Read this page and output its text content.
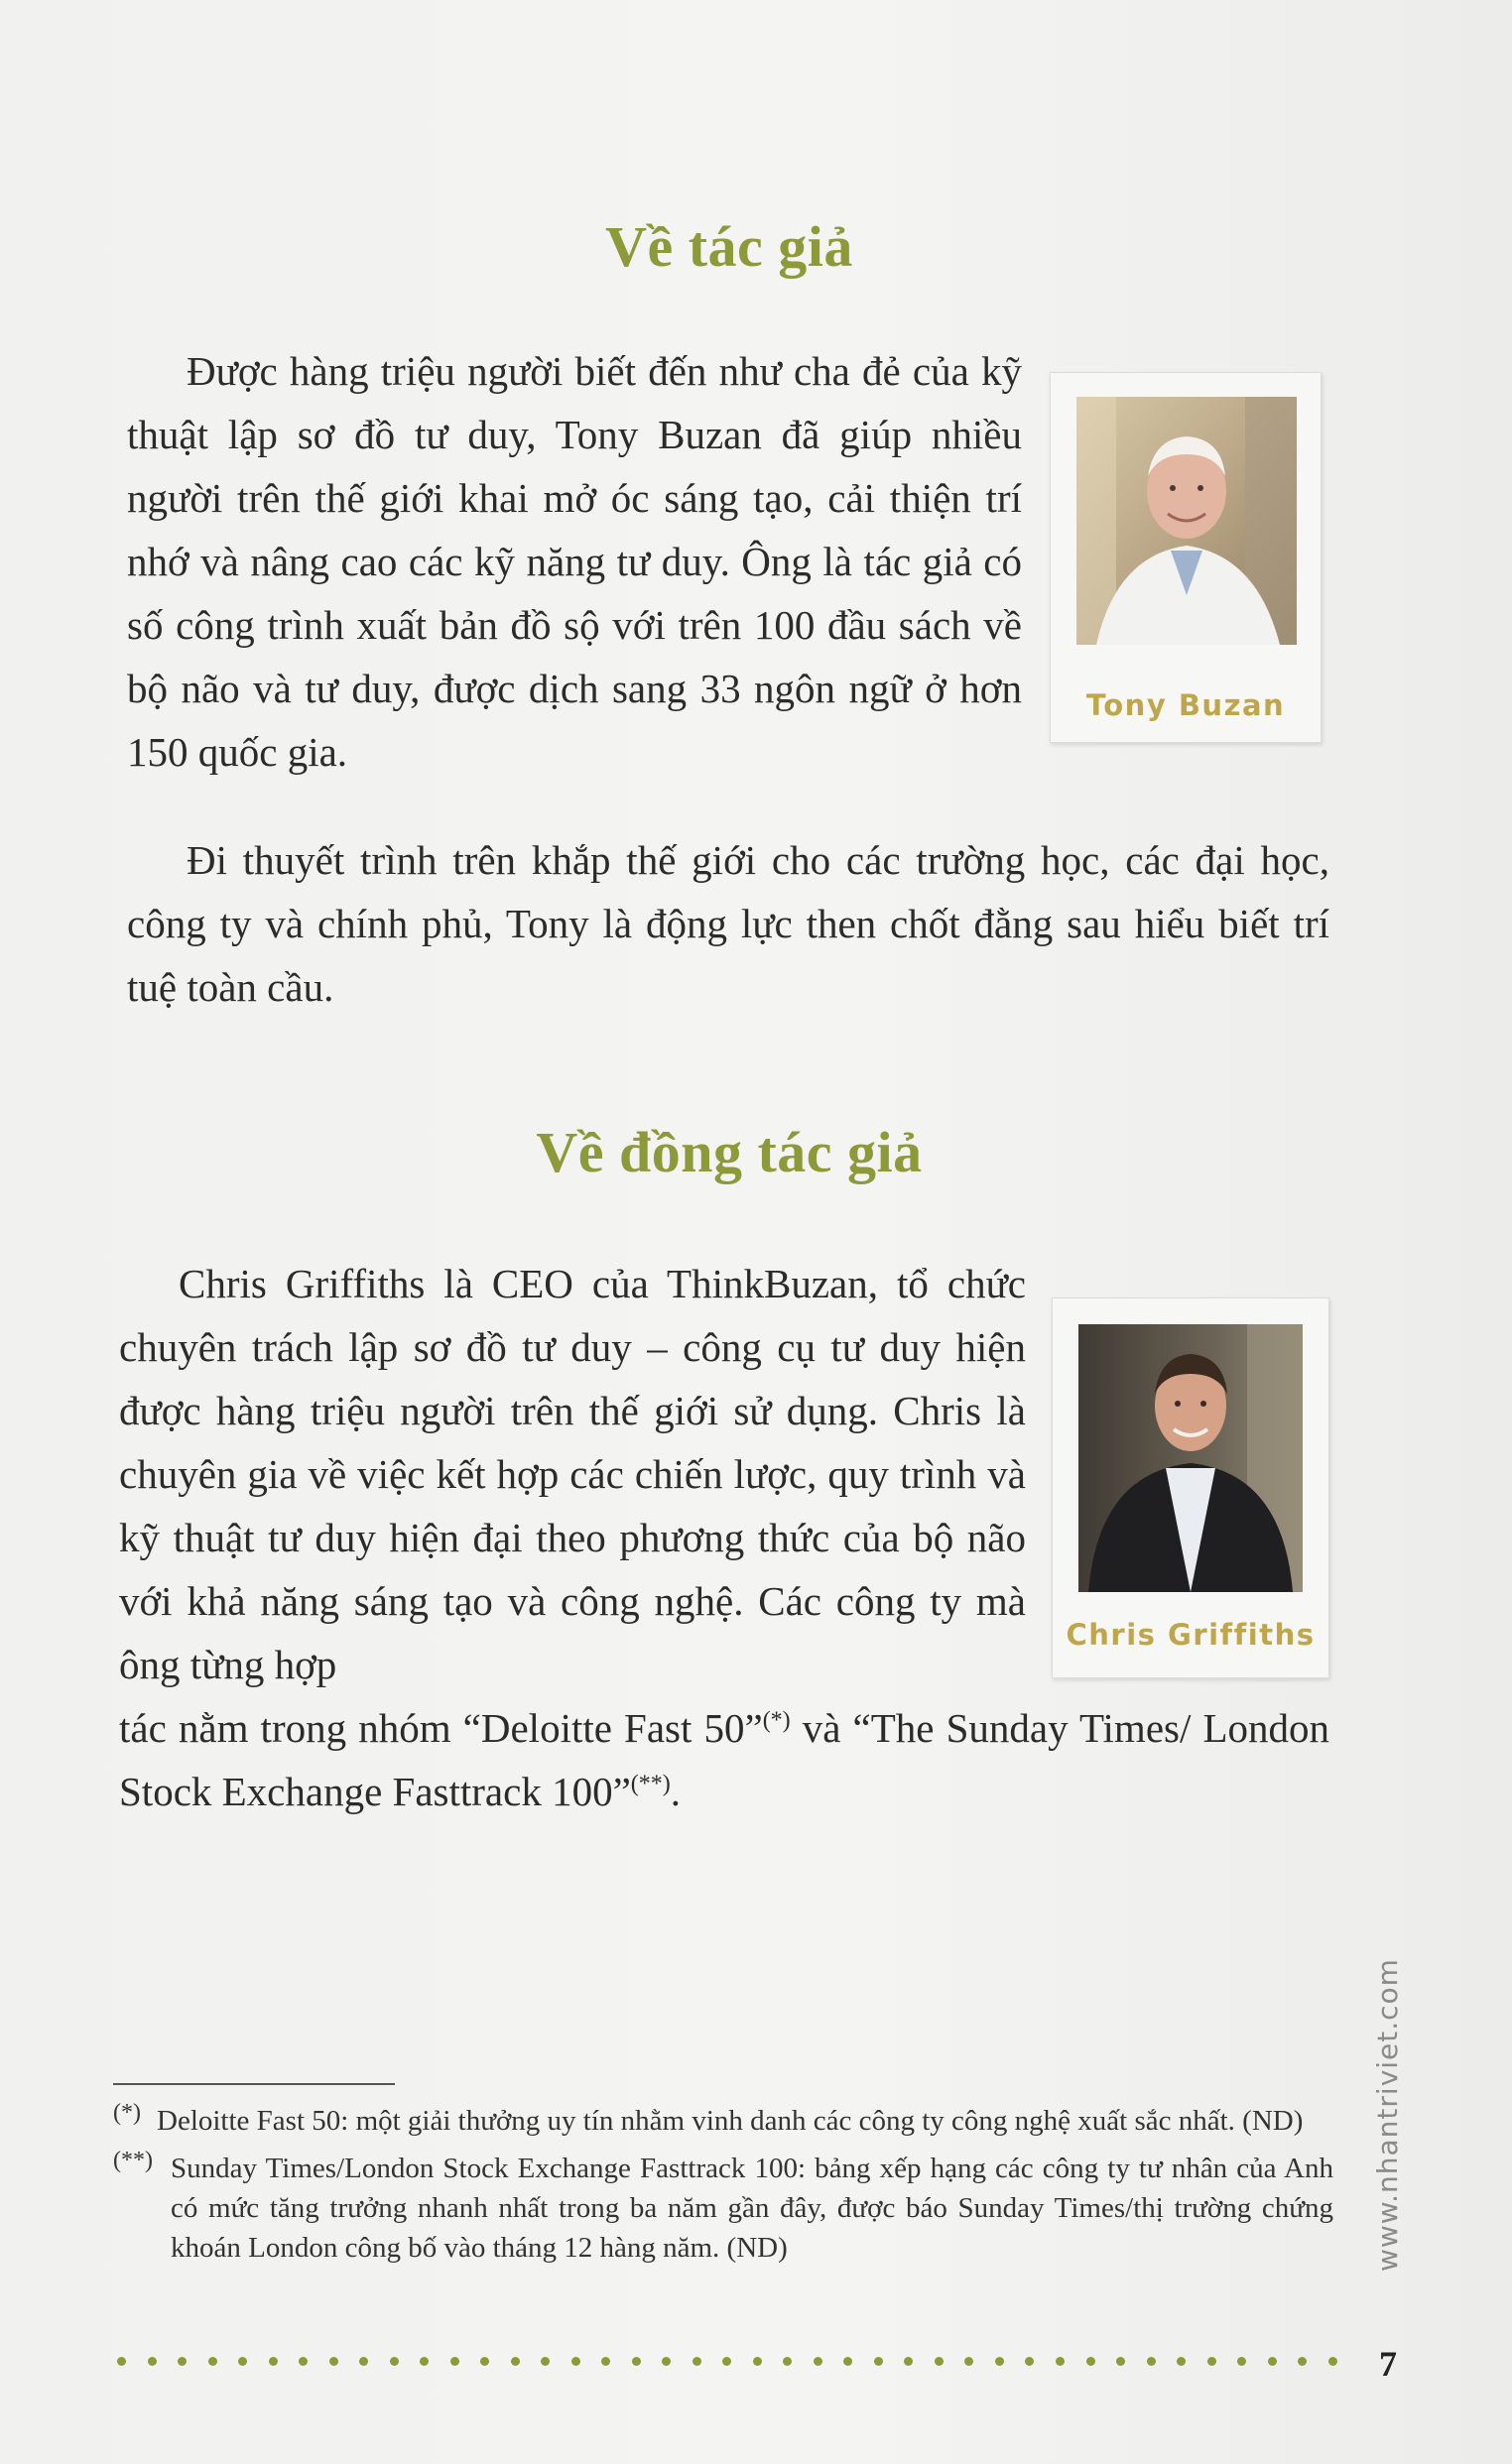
Về tác giả

Được hàng triệu người biết đến như cha đẻ của kỹ thuật lập sơ đồ tư duy, Tony Buzan đã giúp nhiều người trên thế giới khai mở óc sáng tạo, cải thiện trí nhớ và nâng cao các kỹ năng tư duy. Ông là tác giả có số công trình xuất bản đồ sộ với trên 100 đầu sách về bộ não và tư duy, được dịch sang 33 ngôn ngữ ở hơn 150 quốc gia.

Tony Buzan

Đi thuyết trình trên khắp thế giới cho các trường học, các đại học, công ty và chính phủ, Tony là động lực then chốt đằng sau hiểu biết trí tuệ toàn cầu.

Về đồng tác giả

Chris Griffiths là CEO của ThinkBuzan, tổ chức chuyên trách lập sơ đồ tư duy – công cụ tư duy hiện được hàng triệu người trên thế giới sử dụng. Chris là chuyên gia về việc kết hợp các chiến lược, quy trình và kỹ thuật tư duy hiện đại theo phương thức của bộ não với khả năng sáng tạo và công nghệ. Các công ty mà ông từng hợp
tác nằm trong nhóm “Deloitte Fast 50”(*) và “The Sunday Times/ London Stock Exchange Fasttrack 100”(**).

Chris Griffiths

(*) Deloitte Fast 50: một giải thưởng uy tín nhằm vinh danh các công ty công nghệ xuất sắc nhất. (ND)

(**) Sunday Times/London Stock Exchange Fasttrack 100: bảng xếp hạng các công ty tư nhân của Anh có mức tăng trưởng nhanh nhất trong ba năm gần đây, được báo Sunday Times/thị trường chứng khoán London công bố vào tháng 12 hàng năm. (ND)	www.nhantriviet.com
7
